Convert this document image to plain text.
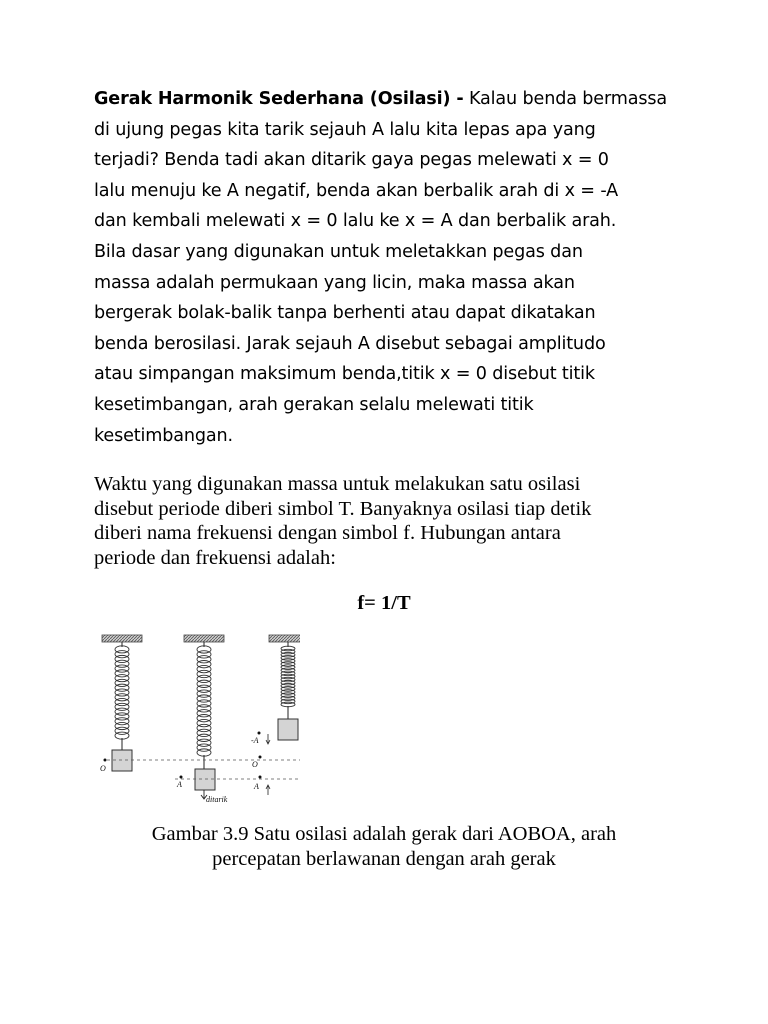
Gerak Harmonik Sederhana (Osilasi) - Kalau benda bermassa
di ujung pegas kita tarik sejauh A lalu kita lepas apa yang
terjadi? Benda tadi akan ditarik gaya pegas melewati x = 0
lalu menuju ke A negatif, benda akan berbalik arah di x = -A
dan kembali melewati x = 0 lalu ke x = A dan berbalik arah.
Bila dasar yang digunakan untuk meletakkan pegas dan
massa adalah permukaan yang licin, maka massa akan
bergerak bolak-balik tanpa berhenti atau dapat dikatakan
benda berosilasi. Jarak sejauh A disebut sebagai amplitudo
atau simpangan maksimum benda,titik x = 0 disebut titik
kesetimbangan, arah gerakan selalu melewati titik
kesetimbangan.
Waktu yang digunakan massa untuk melakukan satu osilasi
disebut periode diberi simbol T. Banyaknya osilasi tiap detik
diberi nama frekuensi dengan simbol f. Hubungan antara
periode dan frekuensi adalah:
f= 1/T
O
A
ditarik
-A
O
A
Gambar 3.9 Satu osilasi adalah gerak dari AOBOA, arah
percepatan berlawanan dengan arah gerak
